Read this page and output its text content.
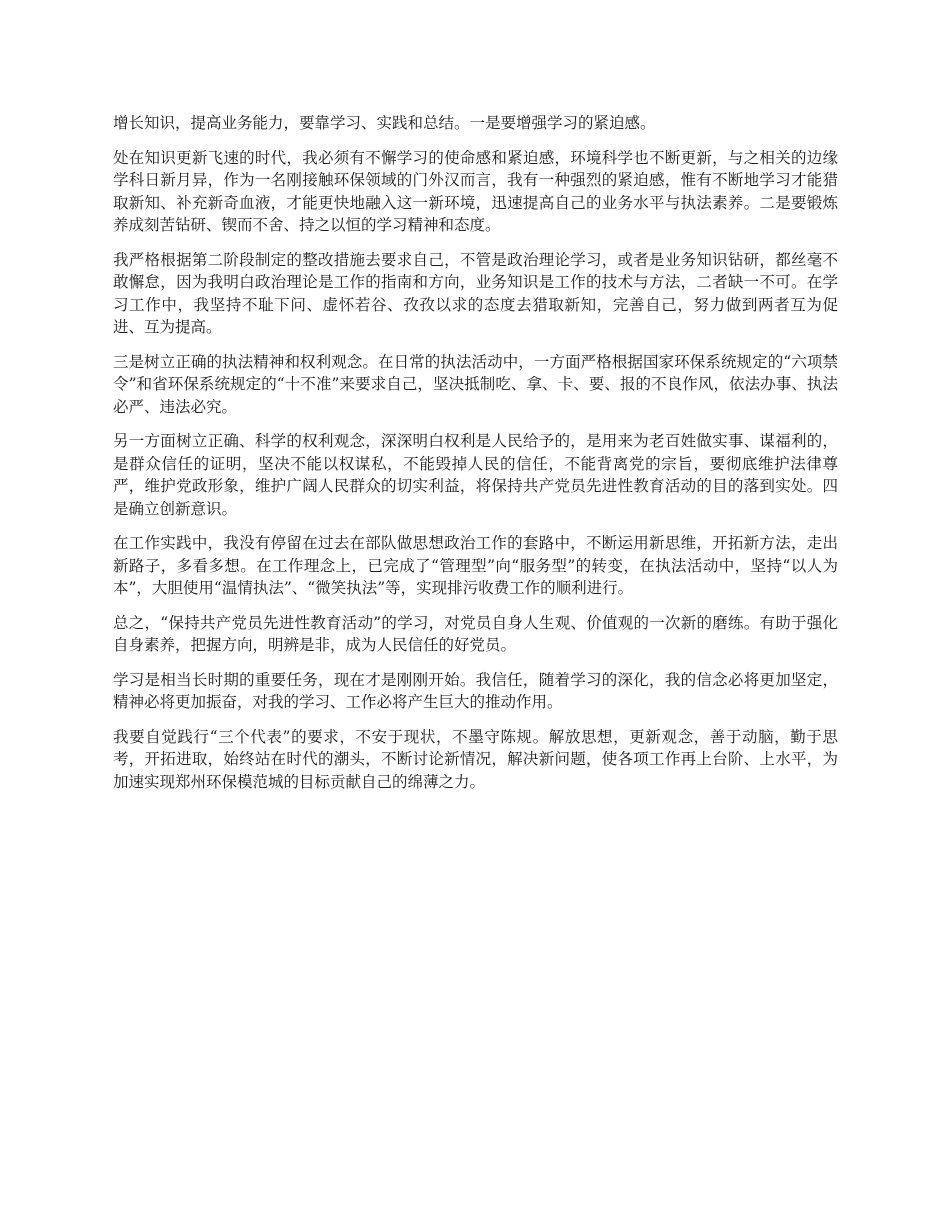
增长知识，提高业务能力，要靠学习、实践和总结。一是要增强学习的紧迫感。

处在知识更新飞速的时代，我必须有不懈学习的使命感和紧迫感，环境科学也不断更新，与之相关的边缘学科日新月异，作为一名刚接触环保领域的门外汉而言，我有一种强烈的紧迫感，惟有不断地学习才能猎取新知、补充新奇血液，才能更快地融入这一新环境，迅速提高自己的业务水平与执法素养。二是要锻炼养成刻苦钻研、锲而不舍、持之以恒的学习精神和态度。

我严格根据第二阶段制定的整改措施去要求自己，不管是政治理论学习，或者是业务知识钻研，都丝毫不敢懈怠，因为我明白政治理论是工作的指南和方向，业务知识是工作的技术与方法，二者缺一不可。在学习工作中，我坚持不耻下问、虚怀若谷、孜孜以求的态度去猎取新知，完善自己，努力做到两者互为促进、互为提高。

三是树立正确的执法精神和权利观念。在日常的执法活动中，一方面严格根据国家环保系统规定的“六项禁令”和省环保系统规定的“十不准”来要求自己，坚决抵制吃、拿、卡、要、报的不良作风，依法办事、执法必严、违法必究。

另一方面树立正确、科学的权利观念，深深明白权利是人民给予的，是用来为老百姓做实事、谋福利的，是群众信任的证明，坚决不能以权谋私，不能毁掉人民的信任，不能背离党的宗旨，要彻底维护法律尊严，维护党政形象，维护广阔人民群众的切实利益，将保持共产党员先进性教育活动的目的落到实处。四是确立创新意识。

在工作实践中，我没有停留在过去在部队做思想政治工作的套路中，不断运用新思维，开拓新方法，走出新路子，多看多想。在工作理念上，已完成了“管理型”向“服务型”的转变，在执法活动中，坚持“以人为本”，大胆使用“温情执法”、“微笑执法”等，实现排污收费工作的顺利进行。

总之，“保持共产党员先进性教育活动”的学习，对党员自身人生观、价值观的一次新的磨练。有助于强化自身素养，把握方向，明辨是非，成为人民信任的好党员。

学习是相当长时期的重要任务，现在才是刚刚开始。我信任，随着学习的深化，我的信念必将更加坚定，精神必将更加振奋，对我的学习、工作必将产生巨大的推动作用。

我要自觉践行“三个代表”的要求，不安于现状，不墨守陈规。解放思想，更新观念，善于动脑，勤于思考，开拓进取，始终站在时代的潮头，不断讨论新情况，解决新问题，使各项工作再上台阶、上水平，为加速实现郑州环保模范城的目标贡献自己的绵薄之力。
